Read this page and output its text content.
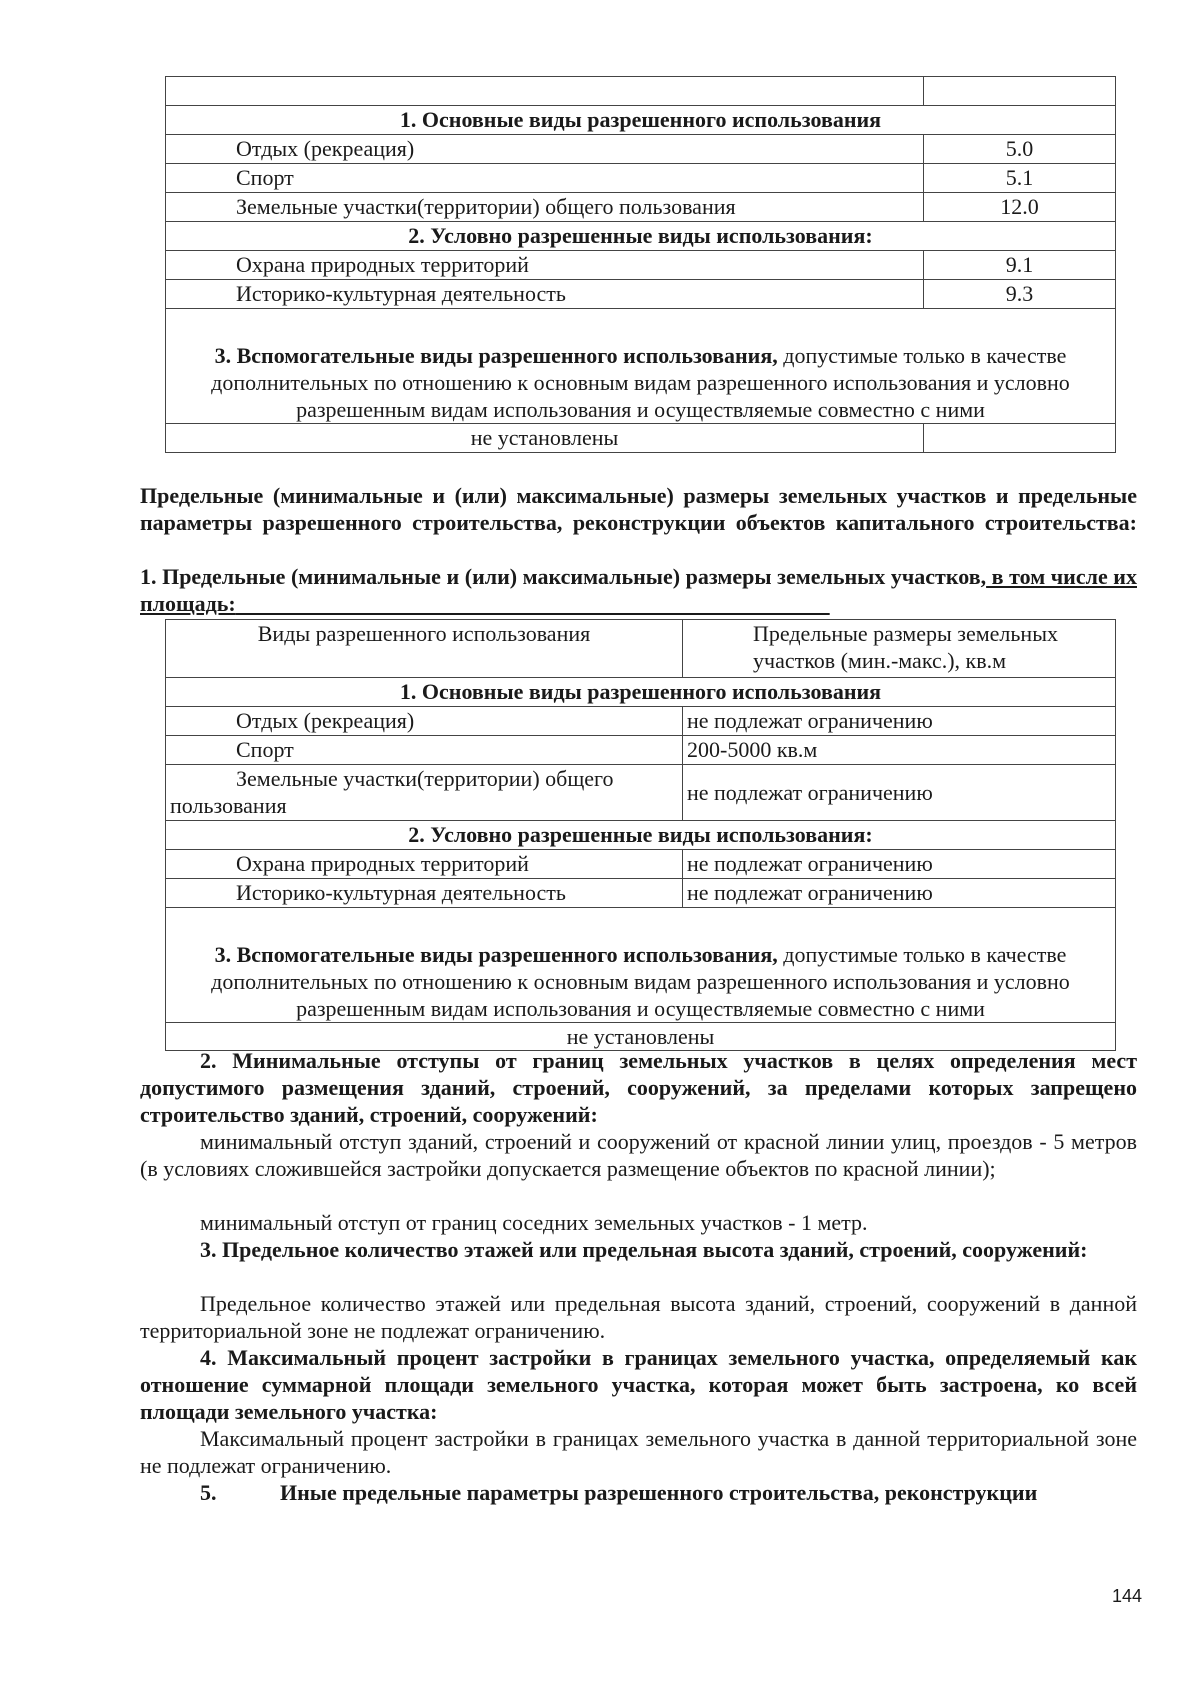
1. Основные виды разрешенного использования	
Отдых (рекреация)	5.0
Спорт	5.1
Земельные участки(территории) общего пользования	12.0
2. Условно разрешенные виды использования:	
Охрана природных территорий	9.1
Историко-культурная деятельность	9.3
3. Вспомогательные виды разрешенного использования, допустимые только в качестве дополнительных по отношению к основным видам разрешенного использования и условно разрешенным видам использования и осуществляемые совместно с ними	
не установлены	
Предельные (минимальные и (или) максимальные) размеры земельных участков и предельные параметры разрешенного строительства, реконструкции объектов капитального строительства:
1. Предельные (минимальные и (или) максимальные) размеры земельных участков, в том числе их площадь:
Виды разрешенного использования	Предельные размеры земельных участков (мин.-макс.), кв.м
1. Основные виды разрешенного использования	
Отдых (рекреация)	не подлежат ограничению
Спорт	200-5000 кв.м
Земельные участки(территории) общего пользования	не подлежат ограничению
2. Условно разрешенные виды использования:	
Охрана природных территорий	не подлежат ограничению
Историко-культурная деятельность	не подлежат ограничению
3. Вспомогательные виды разрешенного использования, допустимые только в качестве дополнительных по отношению к основным видам разрешенного использования и условно разрешенным видам использования и осуществляемые совместно с ними	
не установлены	
2. Минимальные отступы от границ земельных участков в целях определения мест допустимого размещения зданий, строений, сооружений, за пределами которых запрещено строительство зданий, строений, сооружений:
минимальный отступ зданий, строений и сооружений от красной линии улиц, проездов - 5 метров (в условиях сложившейся застройки допускается размещение объектов по красной линии);
минимальный отступ от границ соседних земельных участков - 1 метр.
3. Предельное количество этажей или предельная высота зданий, строений, сооружений:
Предельное количество этажей или предельная высота зданий, строений, сооружений в данной территориальной зоне не подлежат ограничению.
4. Максимальный процент застройки в границах земельного участка, определяемый как отношение суммарной площади земельного участка, которая может быть застроена, ко всей площади земельного участка:
Максимальный процент застройки в границах земельного участка в данной территориальной зоне не подлежат ограничению.
5.	Иные предельные параметры разрешенного строительства, реконструкции
144
